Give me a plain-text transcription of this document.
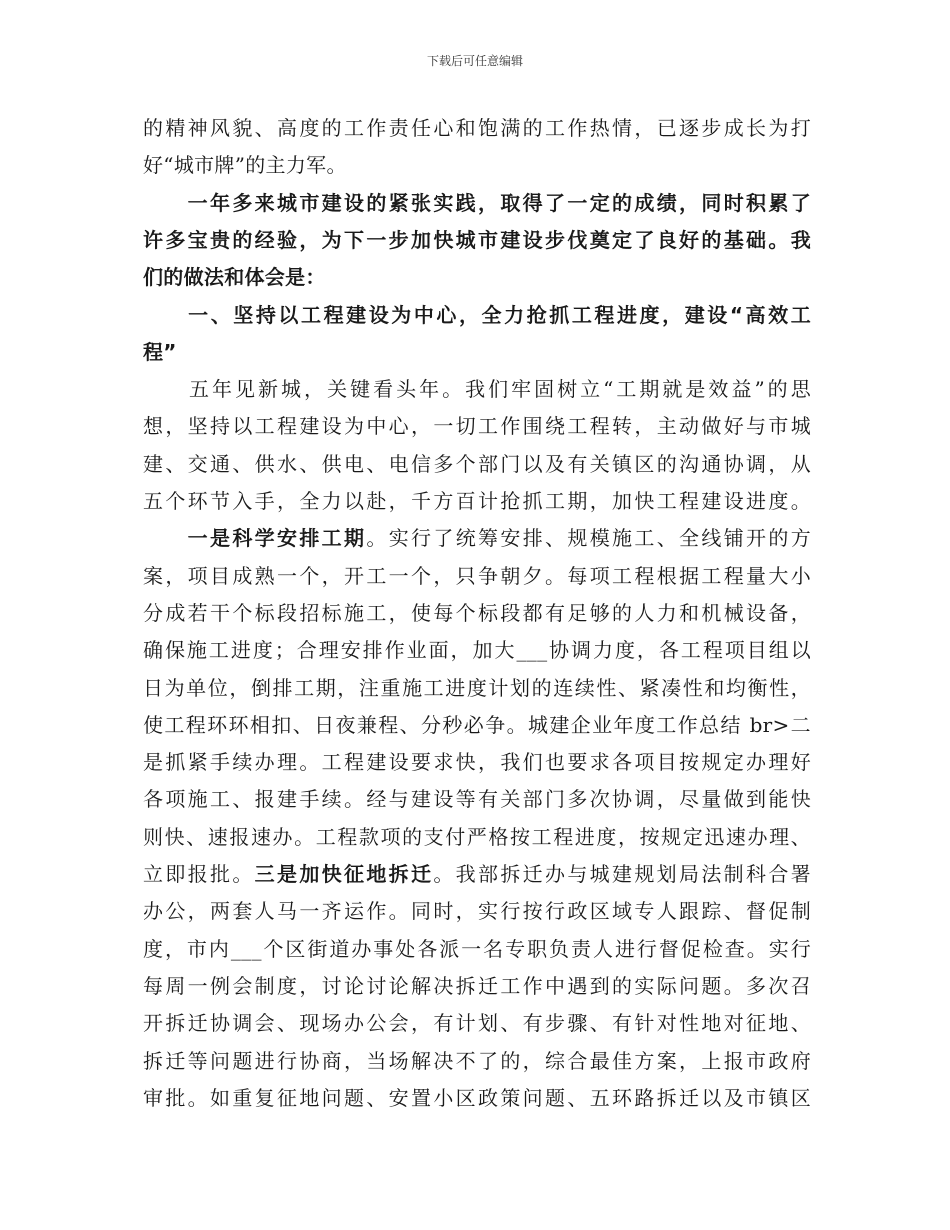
下载后可任意编辑
的精神风貌、高度的工作责任心和饱满的工作热情，已逐步成长为打
好“城市牌”的主力军。
　　一年多来城市建设的紧张实践，取得了一定的成绩，同时积累了
许多宝贵的经验，为下一步加快城市建设步伐奠定了良好的基础。我
们的做法和体会是：
　　一、坚持以工程建设为中心，全力抢抓工程进度，建设“高效工
程”
　　五年见新城，关键看头年。我们牢固树立“工期就是效益”的思
想，坚持以工程建设为中心，一切工作围绕工程转，主动做好与市城
建、交通、供水、供电、电信多个部门以及有关镇区的沟通协调，从
五个环节入手，全力以赴，千方百计抢抓工期，加快工程建设进度。
　　一是科学安排工期。实行了统筹安排、规模施工、全线铺开的方
案，项目成熟一个，开工一个，只争朝夕。每项工程根据工程量大小
分成若干个标段招标施工，使每个标段都有足够的人力和机械设备，
确保施工进度；合理安排作业面，加大___协调力度，各工程项目组以
日为单位，倒排工期，注重施工进度计划的连续性、紧凑性和均衡性，
使工程环环相扣、日夜兼程、分秒必争。城建企业年度工作总结 br>二
是抓紧手续办理。工程建设要求快，我们也要求各项目按规定办理好
各项施工、报建手续。经与建设等有关部门多次协调，尽量做到能快
则快、速报速办。工程款项的支付严格按工程进度，按规定迅速办理、
立即报批。三是加快征地拆迁。我部拆迁办与城建规划局法制科合署
办公，两套人马一齐运作。同时，实行按行政区域专人跟踪、督促制
度，市内___个区街道办事处各派一名专职负责人进行督促检查。实行
每周一例会制度，讨论讨论解决拆迁工作中遇到的实际问题。多次召
开拆迁协调会、现场办公会，有计划、有步骤、有针对性地对征地、
拆迁等问题进行协商，当场解决不了的，综合最佳方案，上报市政府
审批。如重复征地问题、安置小区政策问题、五环路拆迁以及市镇区
